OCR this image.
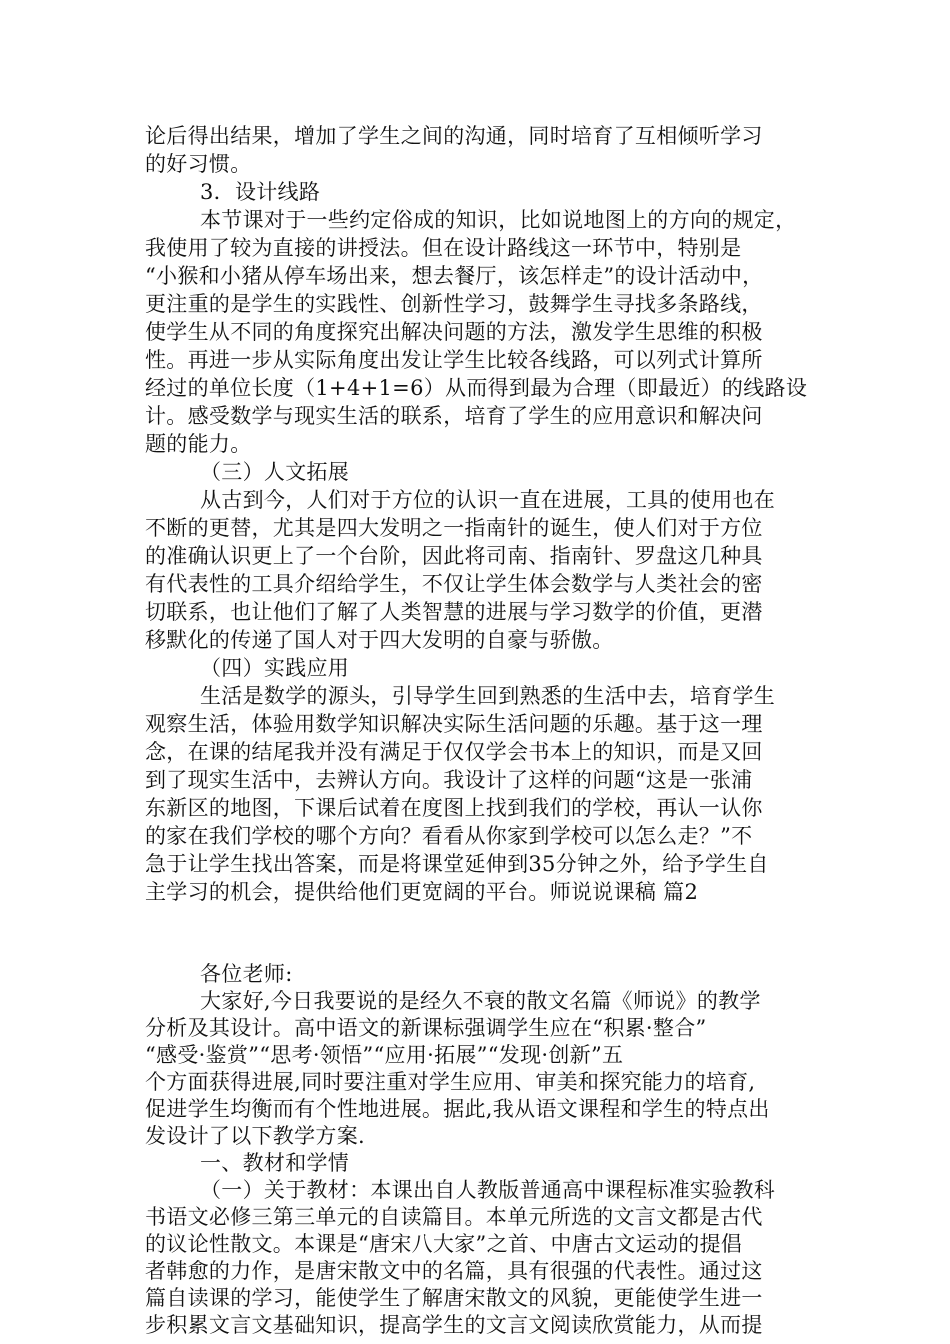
论后得出结果，增加了学生之间的沟通，同时培育了互相倾听学习
的好习惯。
3．设计线路
本节课对于一些约定俗成的知识，比如说地图上的方向的规定，
我使用了较为直接的讲授法。但在设计路线这一环节中，特别是
“小猴和小猪从停车场出来，想去餐厅，该怎样走”的设计活动中，
更注重的是学生的实践性、创新性学习，鼓舞学生寻找多条路线，
使学生从不同的角度探究出解决问题的方法，激发学生思维的积极
性。再进一步从实际角度出发让学生比较各线路，可以列式计算所
经过的单位长度（1+4+1=6）从而得到最为合理（即最近）的线路设
计。感受数学与现实生活的联系，培育了学生的应用意识和解决问
题的能力。
（三）人文拓展
从古到今，人们对于方位的认识一直在进展，工具的使用也在
不断的更替，尤其是四大发明之一指南针的诞生，使人们对于方位
的准确认识更上了一个台阶，因此将司南、指南针、罗盘这几种具
有代表性的工具介绍给学生，不仅让学生体会数学与人类社会的密
切联系，也让他们了解了人类智慧的进展与学习数学的价值，更潜
移默化的传递了国人对于四大发明的自豪与骄傲。
（四）实践应用
生活是数学的源头，引导学生回到熟悉的生活中去，培育学生
观察生活，体验用数学知识解决实际生活问题的乐趣。基于这一理
念，在课的结尾我并没有满足于仅仅学会书本上的知识，而是又回
到了现实生活中，去辨认方向。我设计了这样的问题“这是一张浦
东新区的地图，下课后试着在度图上找到我们的学校，再认一认你
的家在我们学校的哪个方向？看看从你家到学校可以怎么走？”不
急于让学生找出答案，而是将课堂延伸到35分钟之外，给予学生自
主学习的机会，提供给他们更宽阔的平台。师说说课稿 篇2
各位老师:
大家好,今日我要说的是经久不衰的散文名篇《师说》的教学
分析及其设计。高中语文的新课标强调学生应在“积累·整合”
“感受·鉴赏”“思考·领悟”“应用·拓展”“发现·创新”五
个方面获得进展,同时要注重对学生应用、审美和探究能力的培育,
促进学生均衡而有个性地进展。据此,我从语文课程和学生的特点出
发设计了以下教学方案.
一、教材和学情
（一）关于教材：本课出自人教版普通高中课程标准实验教科
书语文必修三第三单元的自读篇目。本单元所选的文言文都是古代
的议论性散文。本课是“唐宋八大家”之首、中唐古文运动的提倡
者韩愈的力作，是唐宋散文中的名篇，具有很强的代表性。通过这
篇自读课的学习，能使学生了解唐宋散文的风貌，更能使学生进一
步积累文言文基础知识，提高学生的文言文阅读欣赏能力，从而提
